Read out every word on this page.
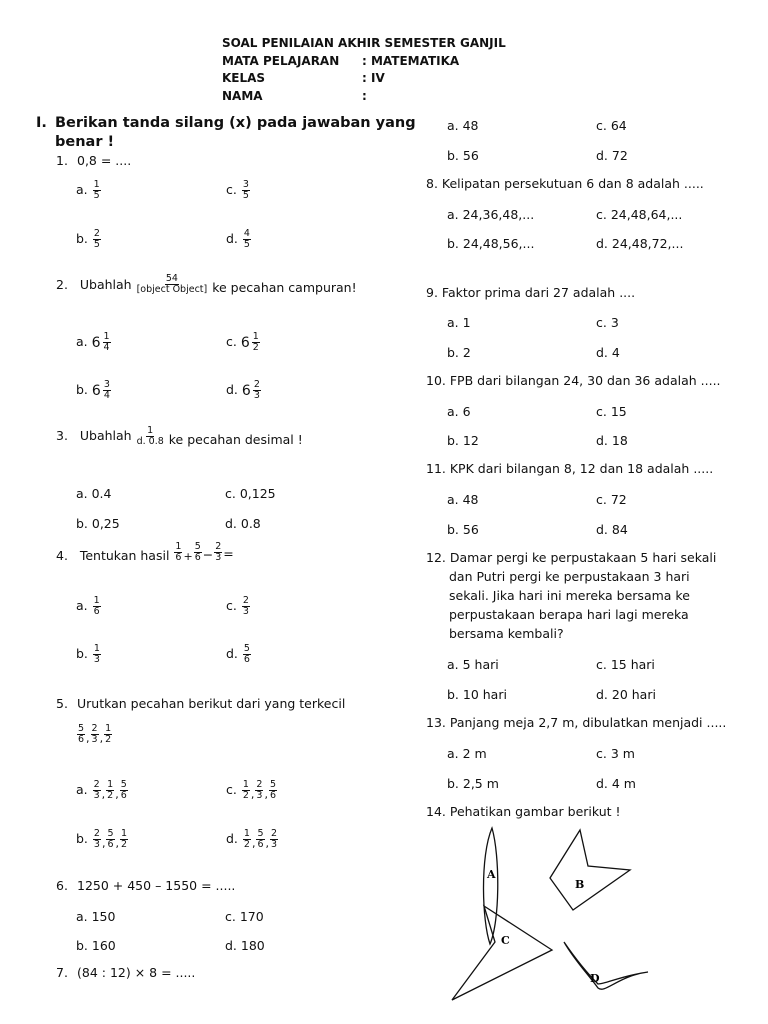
SOAL PENILAIAN AKHIR SEMESTER GANJIL
MATA PELAJARAN : MATEMATIKA
KELAS	: IV
NAMA	:
I. Berikan tanda silang (x) pada jawaban yang
benar !
1. 0,8 = ....
a. $\frac{1}{5}$	c. $\frac{3}{5}$
b. $\frac{2}{5}$	d. $\frac{4}{5}$
2. Ubahlah	54
[object Object] ke pecahan campuran!
a. $6 \frac{1}{4}$	c. $6 \frac{1}{2}$
b. $6 \frac{3}{4}$	d. $6 \frac{2}{3}$
3. Ubahlah $\frac{1}{d. 0.8}$ ke pecahan desimal !
a. 0.4	c. 0,125
b. 0,25	d. 0.8
4. Tentukan hasil $\frac{1}{6} + \frac{5}{6} - \frac{2}{3}$ =
a. $\frac{1}{6}$	c. $\frac{2}{3}$
b. $\frac{1}{3}$	d. $\frac{5}{6}$
5. Urutkan pecahan berikut dari yang terkecil
$\frac{5}{6}$ , $\frac{2}{3}$ , $\frac{1}{2}$
a. $\frac{2}{3}$ , $\frac{1}{2}$ , $\frac{5}{6}$	c. $\frac{1}{2}$ , $\frac{2}{3}$ , $\frac{5}{6}$
b. $\frac{2}{3}$ , $\frac{5}{6}$ , $\frac{1}{2}$	d. $\frac{1}{2}$ , $\frac{5}{6}$ , $\frac{2}{3}$
6. 1250 + 450 – 1550 = .....
a. 150	c. 170
b. 160	d. 180
7. (84 : 12) × 8 = .....
a. 48	c. 64
b. 56	d. 72
8. Kelipatan persekutuan 6 dan 8 adalah .....
a. 24,36,48,...	c. 24,48,64,...
b. 24,48,56,...	d. 24,48,72,...
9. Faktor prima dari 27 adalah ....
a. 1	c. 3
b. 2	d. 4
10. FPB dari bilangan 24, 30 dan 36 adalah .....
a. 6	c. 15
b. 12	d. 18
11. KPK dari bilangan 8, 12 dan 18 adalah .....
a. 48	c. 72
b. 56	d. 84
12. Damar pergi ke perpustakaan 5 hari sekali
dan Putri pergi ke perpustakaan 3 hari
sekali. Jika hari ini mereka bersama ke
perpustakaan berapa hari lagi mereka
bersama kembali?
a. 5 hari	c. 15 hari
b. 10 hari	d. 20 hari
13. Panjang meja 2,7 m, dibulatkan menjadi .....
a. 2 m	c. 3 m
b. 2,5 m	d. 4 m
14. Pehatikan gambar berikut !
A
B
C
D
